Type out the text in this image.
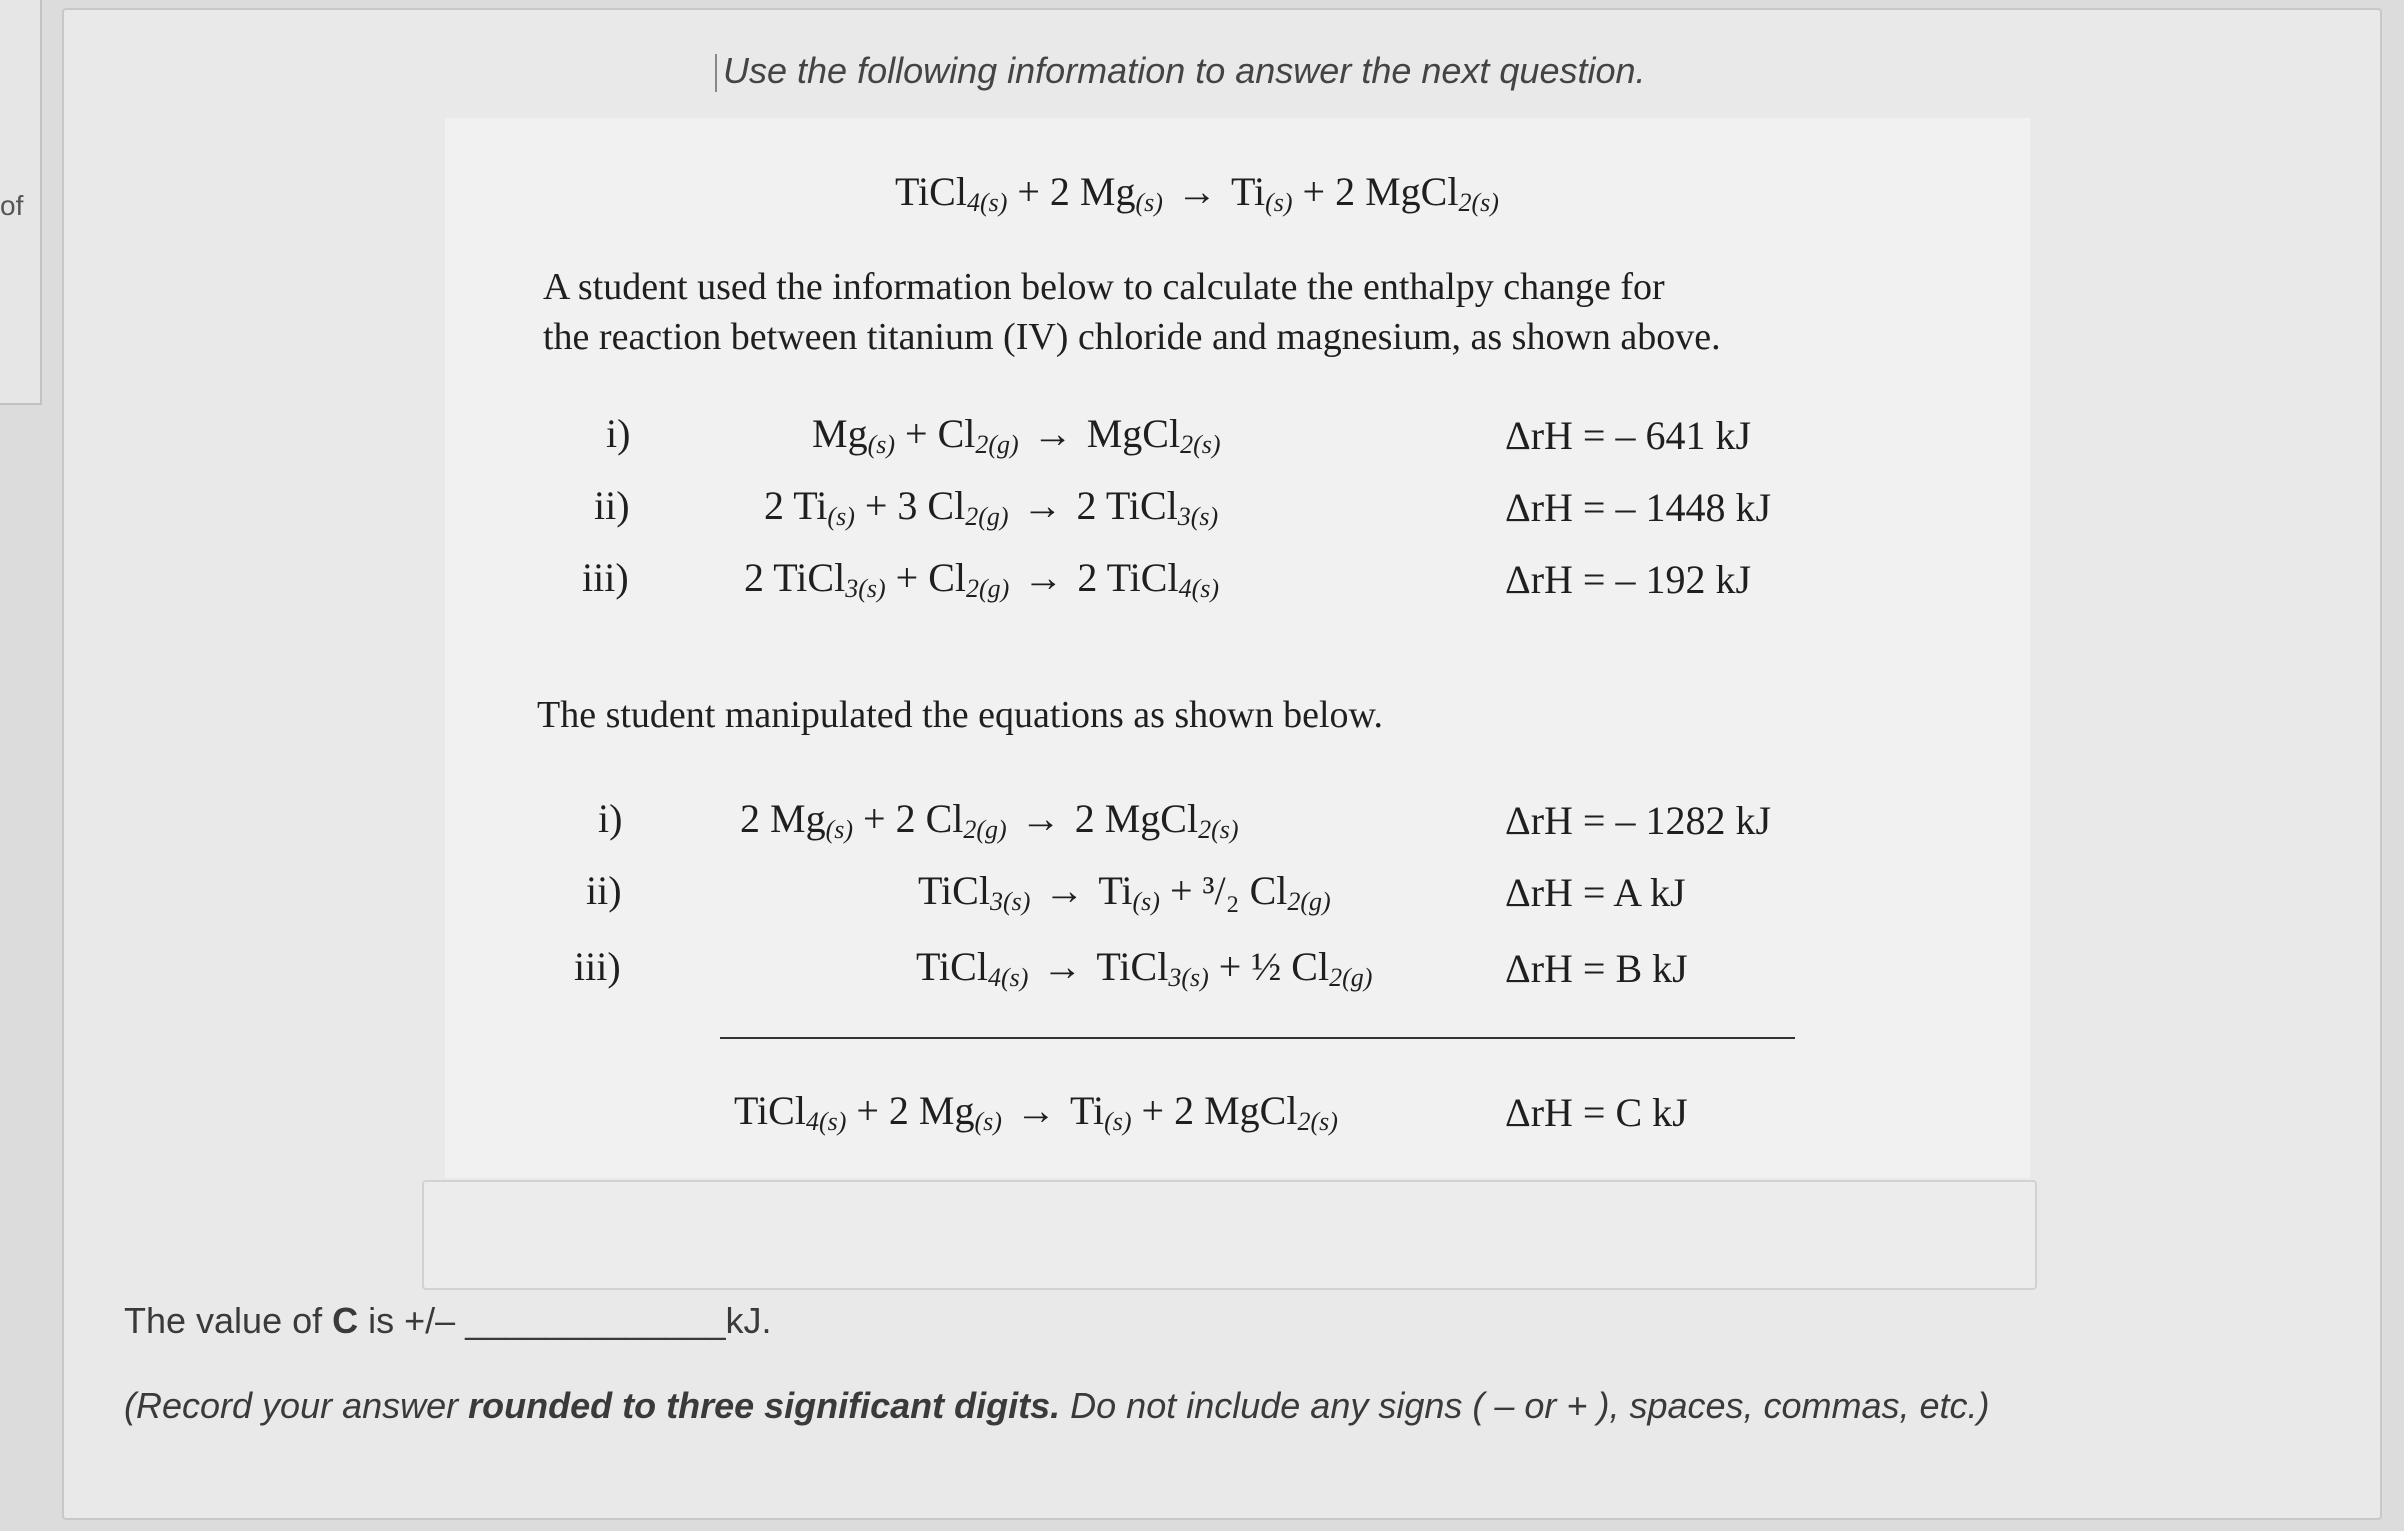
of
Use the following information to answer the next question.
TiCl$_{4(s)}$ + 2 $Mg_{(s)} \to Ti_{(s)} + 2$ MgCl$_{2(s)}$
A student used the information below to calculate the enthalpy change for
the reaction between titanium (IV) chloride and magnesium, as shown above.
i)
ii)
iii)
$Mg_{(s)} + Cl_{2(g)}$ → MgCl$_{2(s)}$
2 $Ti_{(s)} + 3$ $Cl_{2(g)} \to 2$ TiCl$_{3(s)}$
2 TiCl$_{3(s)}$ + $Cl_{2(g)} \to 2$ TiCl$_{4(s)}$
ΔrH = – 641 kJ
ΔrH = – 1448 kJ
ΔrH = – 192 kJ
The student manipulated the equations as shown below.
i)
ii)
iii)
2 $Mg_{(s)} + 2$ $Cl_{2(g)} \to 2$ MgCl$_{2(s)}$
TiCl$_{3(s)}$ → $Ti_{(s)} + ^3/_2$ $Cl_{2(g)}$
TiCl$_{4(s)}$ → TiCl$_{3(s)}$ + ½ $Cl_{2(g)}$
ΔrH = – 1282 kJ
ΔrH = A kJ
ΔrH = B kJ
TiCl$_{4(s)}$ + 2 $Mg_{(s)} \to Ti_{(s)} + 2$ MgCl$_{2(s)}$	ΔrH = C kJ
The value of C is +/– _____________kJ.
(Record your answer rounded to three significant digits. Do not include any signs ( – or + ), spaces, commas, etc.)
